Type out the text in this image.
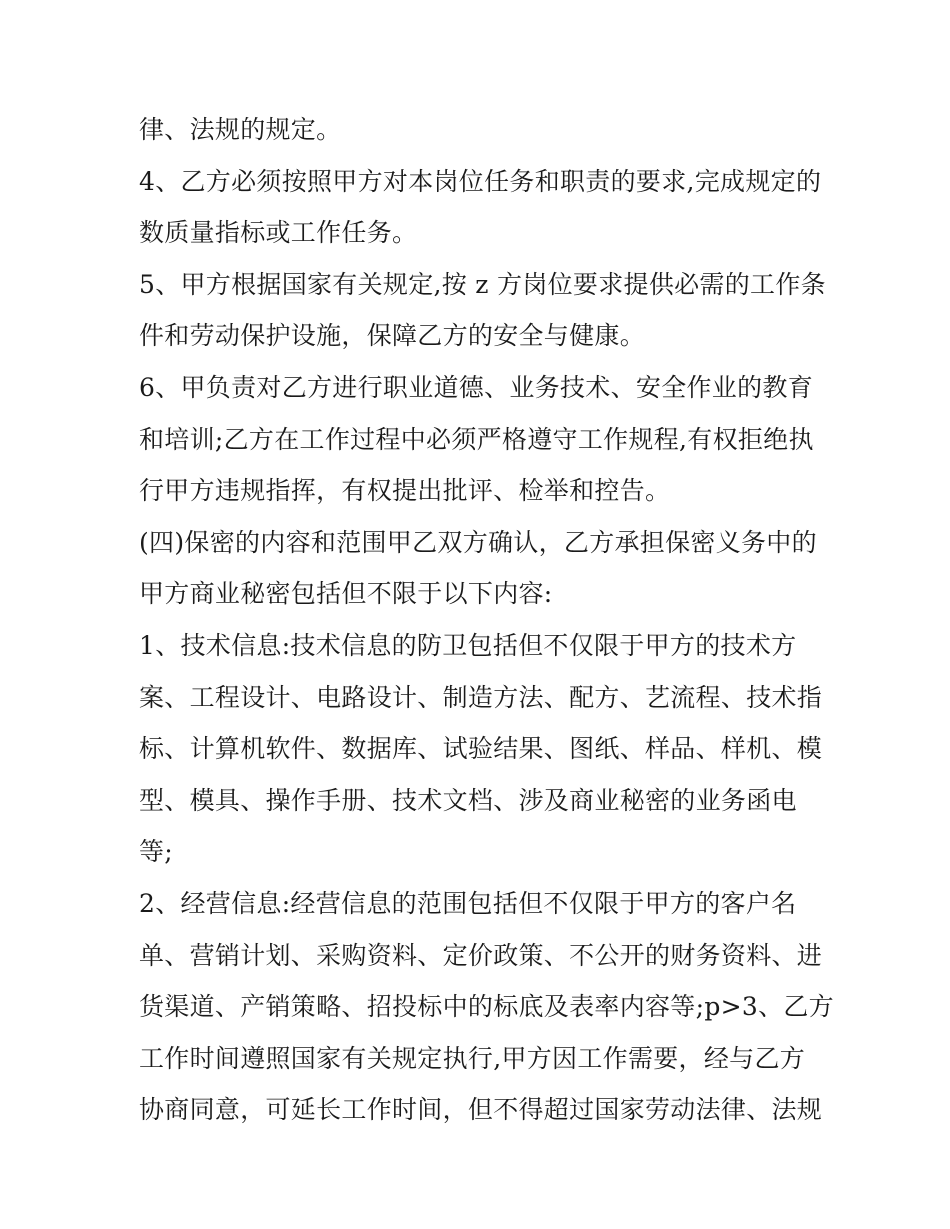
律、法规的规定。
4、乙方必须按照甲方对本岗位任务和职责的要求,完成规定的
数质量指标或工作任务。
5、甲方根据国家有关规定,按 z 方岗位要求提供必需的工作条
件和劳动保护设施，保障乙方的安全与健康。
6、甲负责对乙方进行职业道德、业务技术、安全作业的教育
和培训;乙方在工作过程中必须严格遵守工作规程,有权拒绝执
行甲方违规指挥，有权提出批评、检举和控告。
(四)保密的内容和范围甲乙双方确认，乙方承担保密义务中的
甲方商业秘密包括但不限于以下内容:
1、技术信息:技术信息的防卫包括但不仅限于甲方的技术方
案、工程设计、电路设计、制造方法、配方、艺流程、技术指
标、计算机软件、数据库、试验结果、图纸、样品、样机、模
型、模具、操作手册、技术文档、涉及商业秘密的业务函电
等;
2、经营信息:经营信息的范围包括但不仅限于甲方的客户名
单、营销计划、采购资料、定价政策、不公开的财务资料、进
货渠道、产销策略、招投标中的标底及表率内容等;p>3、乙方
工作时间遵照国家有关规定执行,甲方因工作需要，经与乙方
协商同意，可延长工作时间，但不得超过国家劳动法律、法规
